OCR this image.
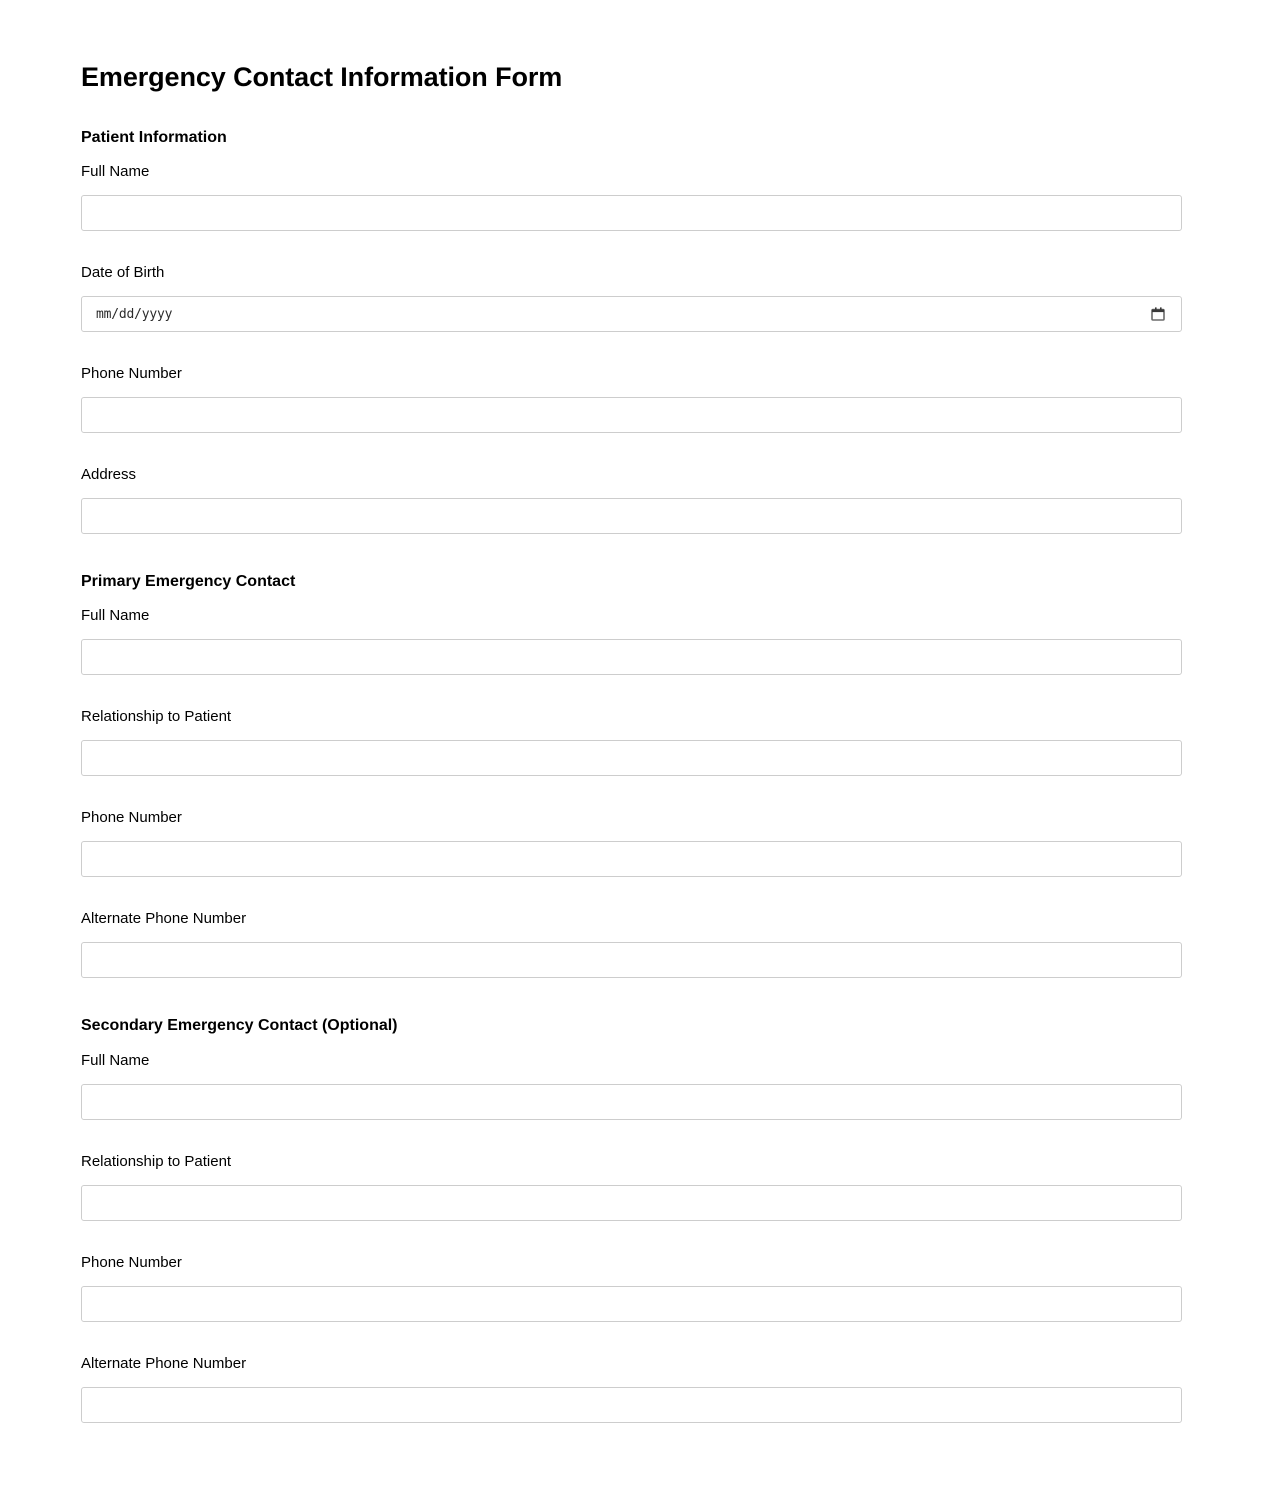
Emergency Contact Information Form
Patient Information
Full Name
Date of Birth
mm/dd/yyyy
Phone Number
Address
Primary Emergency Contact
Full Name
Relationship to Patient
Phone Number
Alternate Phone Number
Secondary Emergency Contact (Optional)
Full Name
Relationship to Patient
Phone Number
Alternate Phone Number
